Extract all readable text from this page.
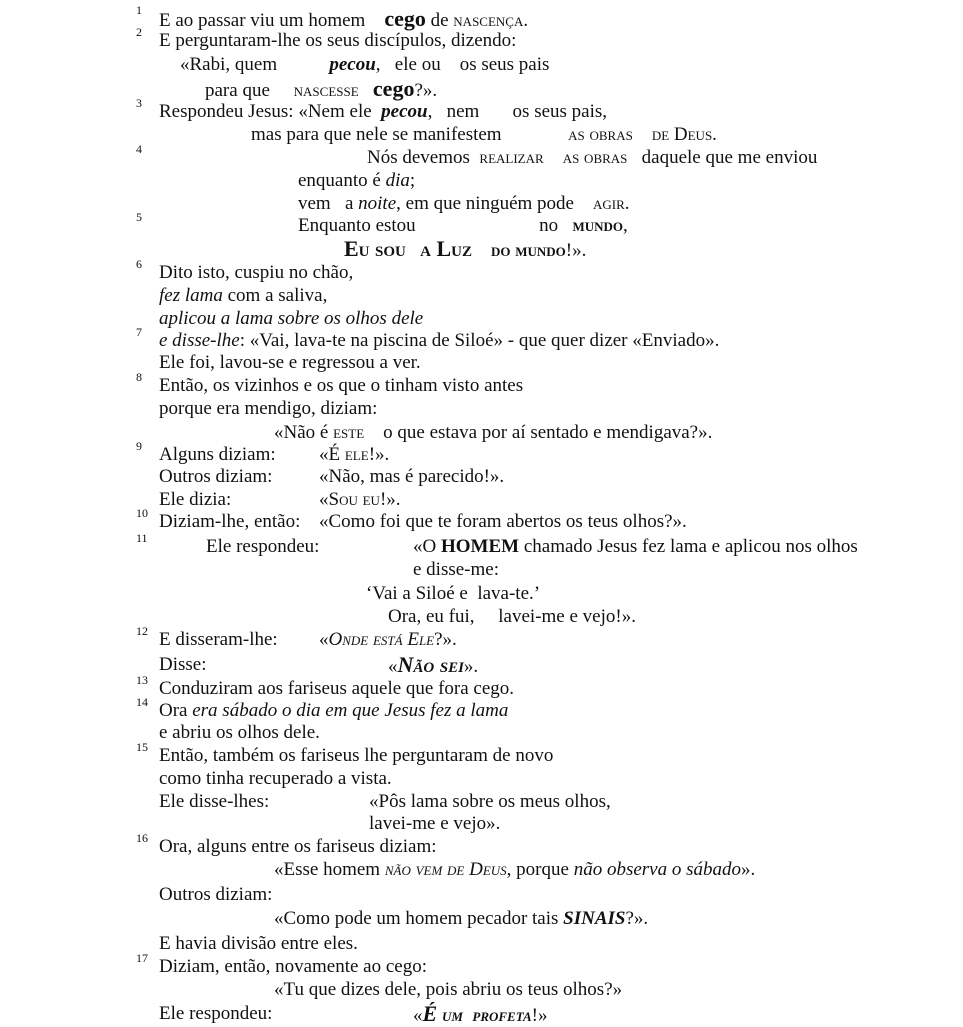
E ao passar viu um homem    cego de nascença.
E perguntaram-lhe os seus discípulos, dizendo:
«Rabi, quem           pecou,   ele ou    os seus pais
para que     nascesse cego?».
Respondeu Jesus: «Nem ele  pecou,   nem       os seus pais,
mas para que nele se manifestem              as obras de Deus.
Nós devemos  realizar as obras   daquele que me enviou
enquanto é dia;
vem   a noite, em que ninguém pode    agir.
Enquanto estou                          no   mundo,
Eu sou a Luz do mundo!».
Dito isto, cuspiu no chão,
fez lama com a saliva,
aplicou a lama sobre os olhos dele
e disse-lhe: «Vai, lava-te na piscina de Siloé» - que quer dizer «Enviado».
Ele foi, lavou-se e regressou a ver.
Então, os vizinhos e os que o tinham visto antes
porque era mendigo, diziam:
«Não é este    o que estava por aí sentado e mendigava?».
Alguns diziam: «É ele!».
Outros diziam: «Não, mas é parecido!».
Ele dizia:	«Sou eu!».
Diziam-lhe, então: «Como foi que te foram abertos os teus olhos?».
Ele respondeu:	«O HOMEM chamado Jesus fez lama e aplicou nos olhos
e disse-me:
‘Vai a Siloé e  lava-te.’
Ora, eu fui,     lavei-me e vejo!».
E disseram-lhe: «Onde está Ele?».
Disse:	«Não sei».
Conduziram aos fariseus aquele que fora cego.
Ora era sábado o dia em que Jesus fez a lama
e abriu os olhos dele.
Então, também os fariseus lhe perguntaram de novo
como tinha recuperado a vista.
Ele disse-lhes:	«Pôs lama sobre os meus olhos,
lavei-me e vejo».
Ora, alguns entre os fariseus diziam:
«Esse homem não vem de Deus, porque não observa o sábado».
Outros diziam:
«Como pode um homem pecador tais SINAIS?».
E havia divisão entre eles.
Diziam, então, novamente ao cego:
«Tu que dizes dele, pois abriu os teus olhos?»
Ele respondeu:	«É um profeta!»
1
2
3
4
5
6
7
8
9
10
11
12
13
14
15
16
17
